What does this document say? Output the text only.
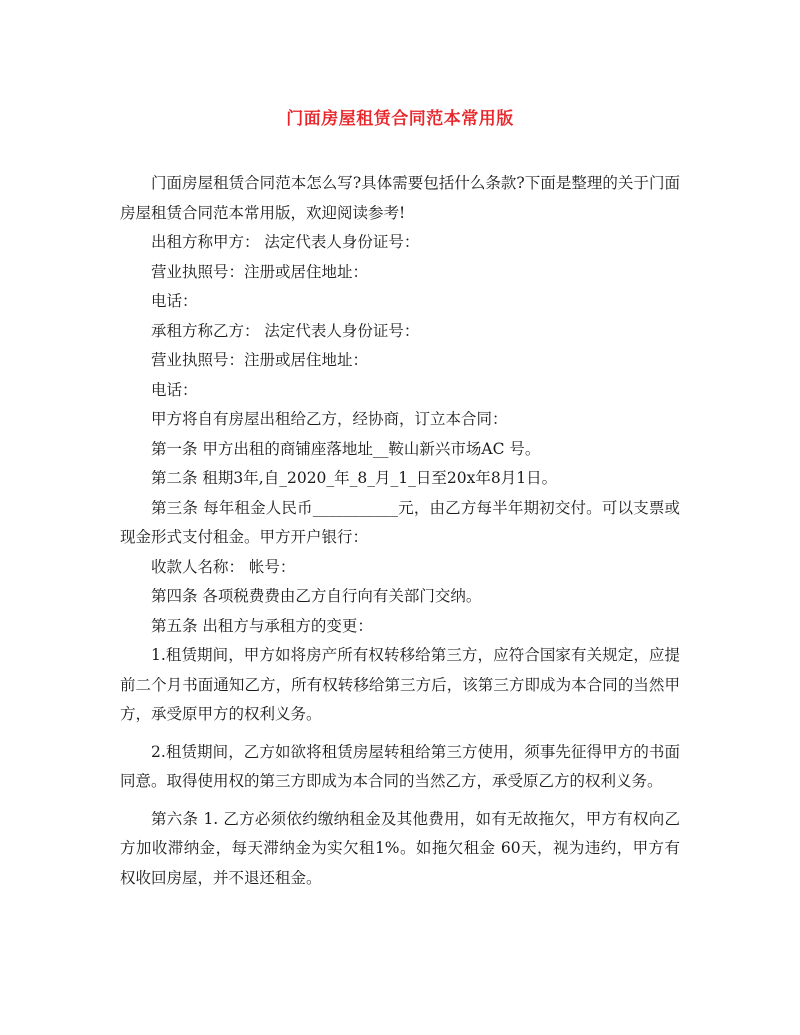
门面房屋租赁合同范本常用版

门面房屋租赁合同范本怎么写?具体需要包括什么条款?下面是整理的关于门面房屋租赁合同范本常用版，欢迎阅读参考!

出租方称甲方： 法定代表人身份证号：

营业执照号：注册或居住地址：

电话：

承租方称乙方： 法定代表人身份证号：

营业执照号：注册或居住地址：

电话：

甲方将自有房屋出租给乙方，经协商，订立本合同：

第一条 甲方出租的商铺座落地址__鞍山新兴市场AC 号。

第二条 租期3年,自_2020_年_8_月_1_日至20x年8月1日。

第三条 每年租金人民币___________元，由乙方每半年期初交付。可以支票或现金形式支付租金。甲方开户银行：

收款人名称： 帐号：

第四条 各项税费费由乙方自行向有关部门交纳。

第五条 出租方与承租方的变更：

1.租赁期间，甲方如将房产所有权转移给第三方，应符合国家有关规定，应提前二个月书面通知乙方，所有权转移给第三方后，该第三方即成为本合同的当然甲方，承受原甲方的权利义务。

2.租赁期间，乙方如欲将租赁房屋转租给第三方使用，须事先征得甲方的书面同意。取得使用权的第三方即成为本合同的当然乙方，承受原乙方的权利义务。

第六条 1. 乙方必须依约缴纳租金及其他费用，如有无故拖欠，甲方有权向乙方加收滞纳金，每天滞纳金为实欠租1%。如拖欠租金 60天，视为违约，甲方有权收回房屋，并不退还租金。
